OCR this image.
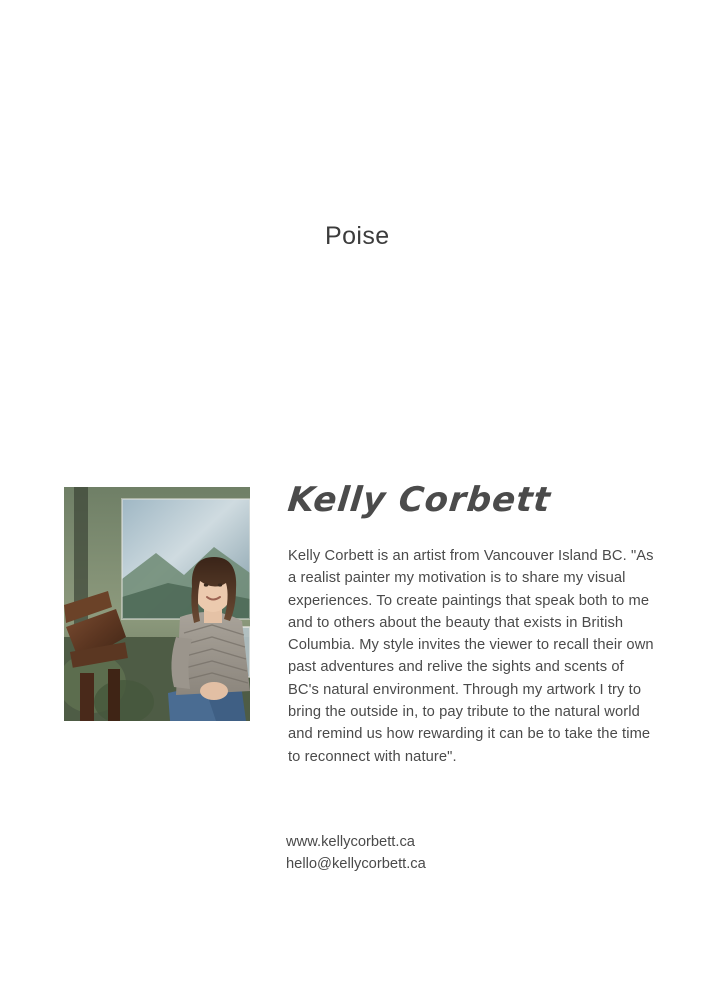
Poise
Kelly Corbett
Kelly Corbett is an artist from Vancouver Island BC. "As a realist painter my motivation is to share my visual experiences. To create paintings that speak both to me and to others about the beauty that exists in British Columbia. My style invites the viewer to recall their own past adventures and relive the sights and scents of BC's natural environment. Through my artwork I try to bring the outside in, to pay tribute to the natural world and remind us how rewarding it can be to take the time to reconnect with nature".
www.kellycorbett.ca
hello@kellycorbett.ca
